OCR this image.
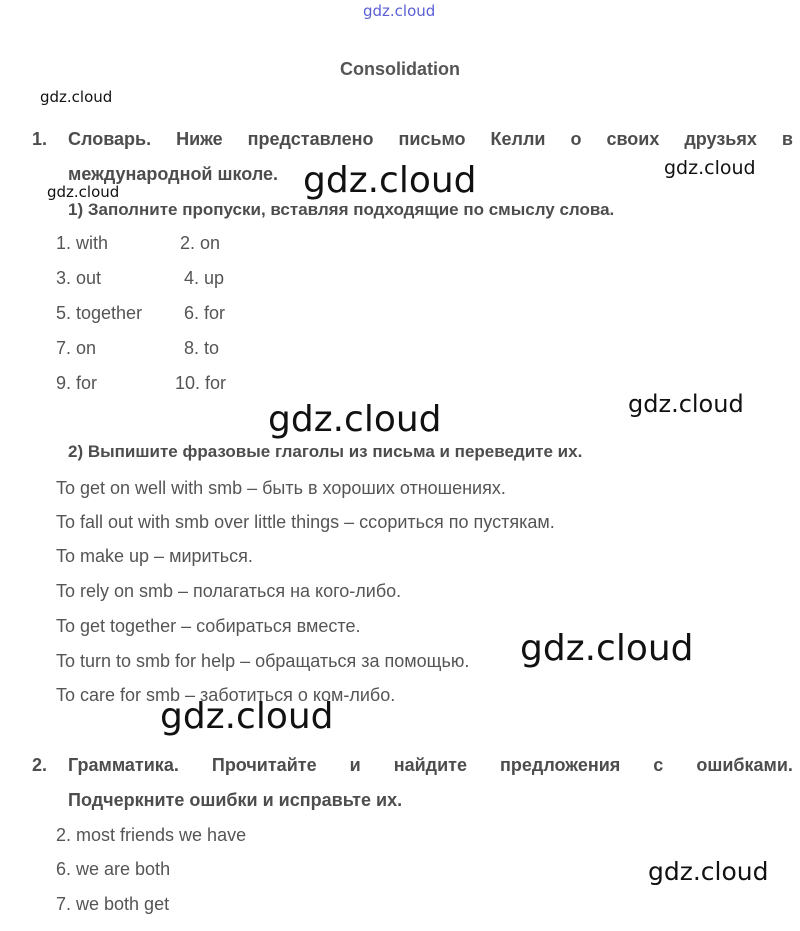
gdz.cloud
gdz.cloud
gdz.cloud	gdz.cloud
gdz.cloud
gdz.cloud
gdz.cloud
gdz.cloud
gdz.cloud
gdz.cloud
Consolidation
1. Словарь. Ниже представлено письмо Келли о своих друзьях в
международной школе.
1) Заполните пропуски, вставляя подходящие по смыслу слова.
1. with	2. on
3. out	4. up
5. together 6. for
7. on	8. to
9. for	10. for
2) Выпишите фразовые глаголы из письма и переведите их.
To get on well with smb – быть в хороших отношениях.
To fall out with smb over little things – ссориться по пустякам.
To make up – мириться.
To rely on smb – полагаться на кого-либо.
To get together – собираться вместе.
To turn to smb for help – обращаться за помощью.
To care for smb – заботиться о ком-либо.
2. Грамматика. Прочитайте и найдите предложения с ошибками.
Подчеркните ошибки и исправьте их.
2. most friends we have
6. we are both
7. we both get
